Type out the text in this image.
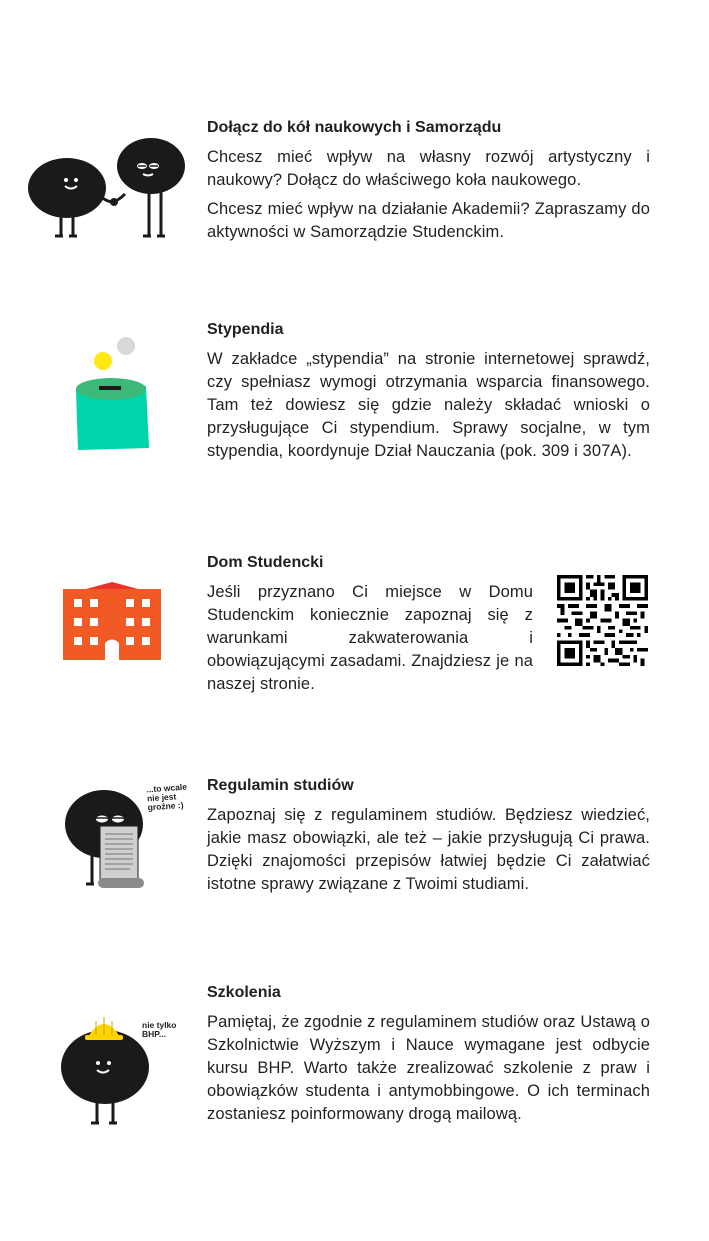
Dołącz do kół naukowych i Samorządu
Chcesz mieć wpływ na własny rozwój artystyczny i naukowy? Dołącz do właściwego koła naukowego.
Chcesz mieć wpływ na działanie Akademii? Zapraszamy do aktywności w Samorządzie Studenckim.
Stypendia
W zakładce „stypendia” na stronie internetowej sprawdź, czy spełniasz wymogi otrzymania wsparcia finansowego. Tam też dowiesz się gdzie należy składać wnioski o przysługujące Ci stypendium. Sprawy socjalne, w tym stypendia, koordynuje Dział Nauczania (pok. 309 i 307A).
Dom Studencki
Jeśli przyznano Ci miejsce w Domu Studenckim koniecznie zapoznaj się z warunkami zakwaterowania i obowiązującymi zasadami. Znajdziesz je na naszej stronie.
...to wcale
nie jest
groźne :)
Regulamin studiów
Zapoznaj się z regulaminem studiów. Będziesz wiedzieć, jakie masz obowiązki, ale też – jakie przysługują Ci prawa. Dzięki znajomości przepisów łatwiej będzie Ci załatwiać istotne sprawy związane z Twoimi studiami.
nie tylko
BHP...
Szkolenia
Pamiętaj, że zgodnie z regulaminem studiów oraz Ustawą o Szkolnictwie Wyższym i Nauce wymagane jest odbycie kursu BHP. Warto także zrealizować szkolenie z praw i obowiązków studenta i antymobbingowe. O ich terminach zostaniesz poinformowany drogą mailową.
